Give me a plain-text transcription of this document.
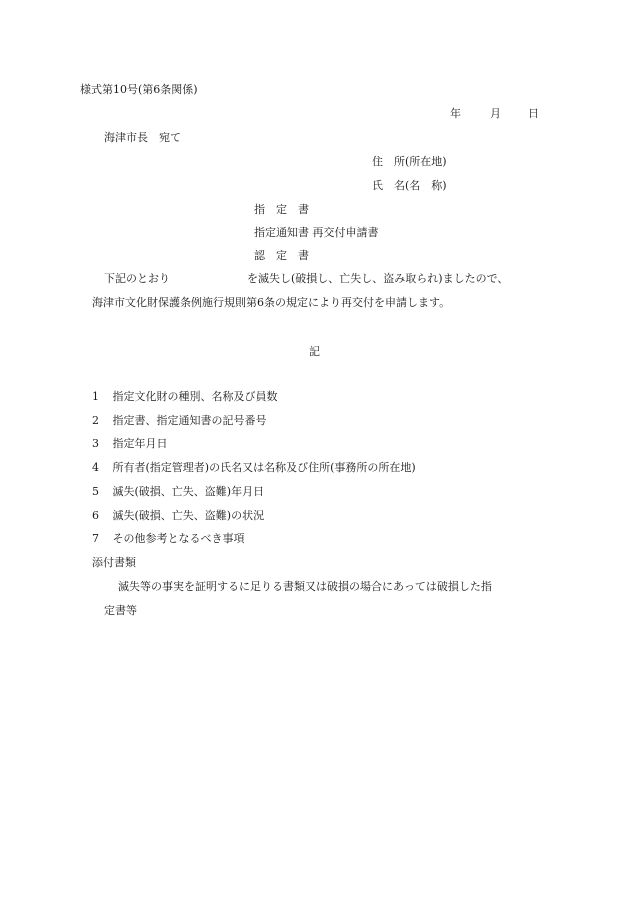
様式第10号(第6条関係)
年	月 日
海津市長　宛て
住　所(所在地)
氏　名(名　称)
指　定　書
指定通知書 再交付申請書
認　定　書
下記のとおり　　　　　　　を滅失し(破損し、亡失し、盗み取られ)ましたので、
海津市文化財保護条例施行規則第6条の規定により再交付を申請します。
記
1 指定文化財の種別、名称及び員数
2 指定書、指定通知書の記号番号
3 指定年月日
4 所有者(指定管理者)の氏名又は名称及び住所(事務所の所在地)
5 滅失(破損、亡失、盗難)年月日
6 滅失(破損、亡失、盗難)の状況
7 その他参考となるべき事項
添付書類
滅失等の事実を証明するに足りる書類又は破損の場合にあっては破損した指
定書等
